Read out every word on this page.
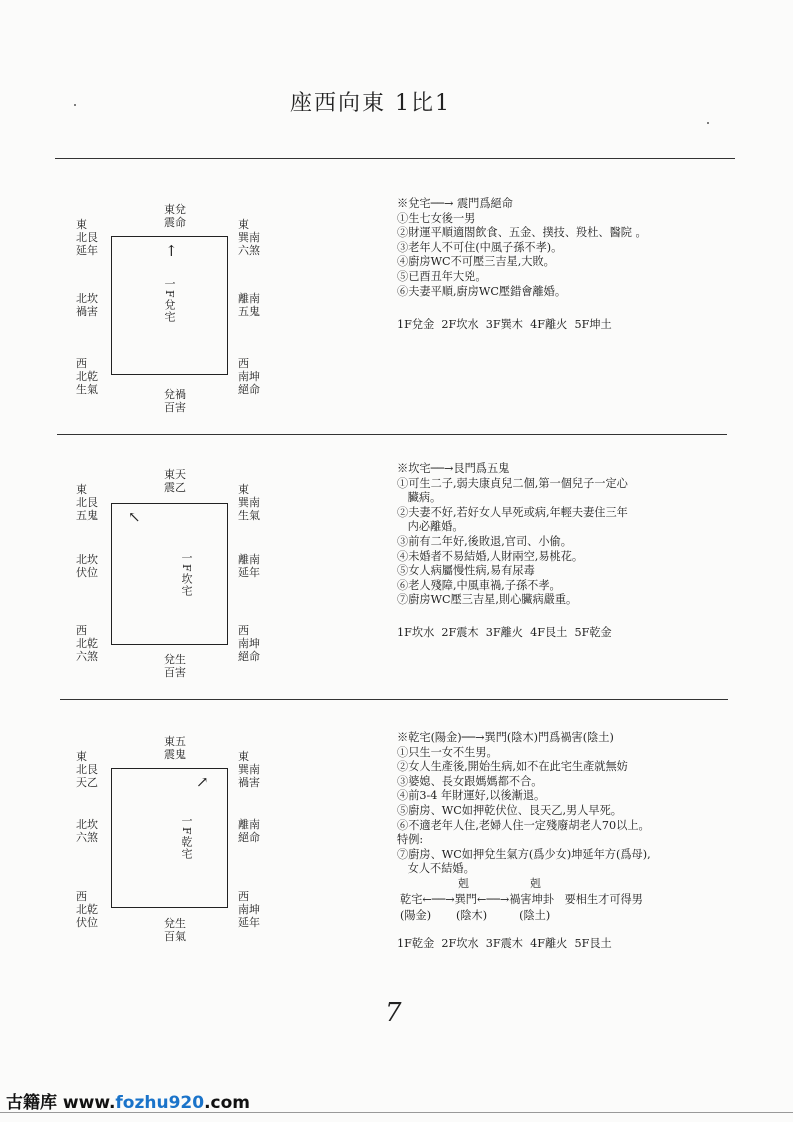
座西向東 1比1
東兌
震命
東
北艮
延年
北坎
禍害
西
北乾
生氣
東
巽南
六煞
離南
五鬼
西
南坤
絕命
兌禍
百害
↑
一F兌宅
※兌宅──→ 震門爲絕命
①生七女後一男
②財運平順適閤飲食、五金、撲技、羖杜、醫院 。
③老年人不可住(中風子孫不孝)。
④廚房WC不可壓三吉星,大敗。
⑤已酉丑年大兇。
⑥夫妻平順,廚房WC壓錯會離婚。
1F兌金  2F坎水  3F巽木  4F離火  5F坤土
東天
震乙
東
北艮
五鬼
北坎
伏位
西
北乾
六煞
東
巽南
生氣
離南
延年
西
南坤
絕命
兌生
百害
↖
一F坎宅
※坎宅──→艮門爲五鬼
①可生二子,弱夫康貞兒二個,第一個兒子一定心
臟病。
②夫妻不好,若好女人早死或病,年輕夫妻住三年
内必離婚。
③前有二年好,後敗退,官司、小偷。
④未婚者不易結婚,人財兩空,易桃花。
⑤女人病屬慢性病,易有尿毒
⑥老人殘障,中風車禍,子孫不孝。
⑦廚房WC壓三吉星,則心臟病嚴重。
1F坎水  2F震木  3F離火  4F艮土  5F乾金
東五
震鬼
東
北艮
天乙
北坎
六煞
西
北乾
伏位
東
巽南
禍害
離南
絕命
西
南坤
延年
兌生
百氣
↗
一F乾宅
※乾宅(陽金)──→巽門(陰木)門爲禍害(陰土)
①只生一女不生男。
②女人生產後,開始生病,如不在此宅生產就無妨
③婆媳、長女跟媽媽都不合。
④前3-4 年財運好,以後漸退。
⑤廚房、WC如押乾伏位、艮天乙,男人早死。
⑥不適老年人住,老婦人住一定殘廢胡老人70以上。
特例:
⑦廚房、WC如押兌生氣方(爲少女)坤延年方(爲母),
女人不結婚。
剋	剋
乾宅←──→巽門←──→禍害坤卦   要相生才可得男
(陽金)       (陰木)         (陰土)
1F乾金  2F坎水  3F震木  4F離火  5F艮土
7
古籍库 www.fozhu920.com
